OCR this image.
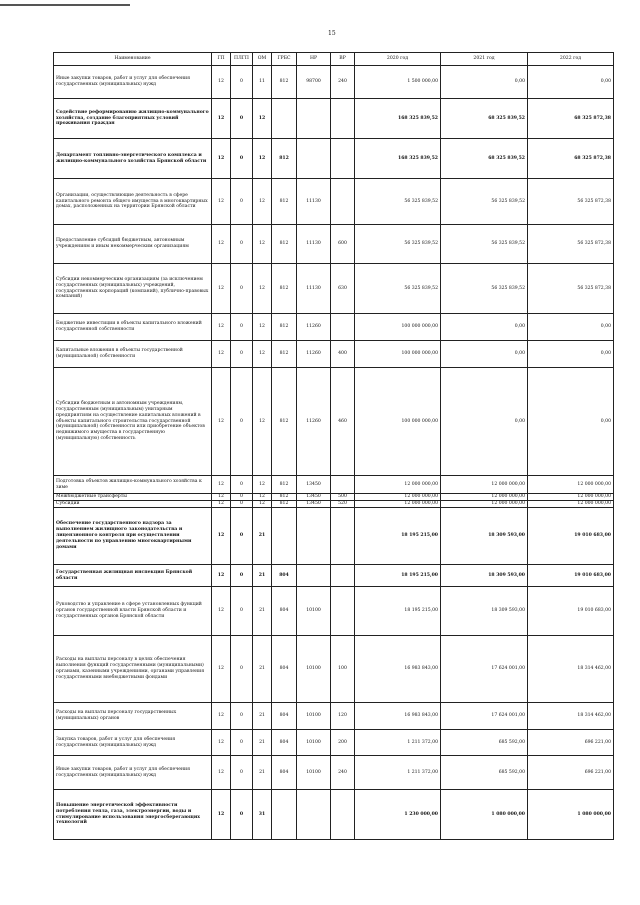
15
Наименование	ГП	ПЛГП	ОМ	ГРБС	НР	ВР	2020 год	2021 год	2022 год
Иные закупки товаров, работ и услуг для обеспечения государственных (муниципальных) нужд	12	0	11	812	98700	240	1 500 000,00	0,00	0,00
Содействие реформированию жилищно-коммунального хозяйства, создание благоприятных условий проживания граждан	12	0	12				168 325 839,52	68 325 839,52	68 325 872,38
Департамент топливно-энергетического комплекса и жилищно-коммунального хозяйства Брянской области	12	0	12	812			168 325 839,52	68 325 839,52	68 325 872,38
Организации, осуществляющие деятельность в сфере капитального ремонта общего имущества в многоквартирных домах, расположенных на территории Брянской области	12	0	12	812	11130		56 325 839,52	56 325 839,52	56 325 872,38
Предоставление субсидий бюджетным, автономным учреждениям и иным некоммерческим организациям	12	0	12	812	11130	600	56 325 839,52	56 325 839,52	56 325 872,38
Субсидии некоммерческим организациям (за исключением государственных (муниципальных) учреждений, государственных корпораций (компаний), публично-правовых компаний)	12	0	12	812	11130	630	56 325 839,52	56 325 839,52	56 325 872,38
Бюджетные инвестиции в объекты капитального вложений государственной собственности	12	0	12	812	11260		100 000 000,00	0,00	0,00
Капитальные вложения в объекты государственной (муниципальной) собственности	12	0	12	812	11260	400	100 000 000,00	0,00	0,00
Субсидии бюджетным и автономным учреждениям, государственным (муниципальным) унитарным предприятиям на осуществление капитальных вложений в объекты капитального строительства государственной (муниципальной) собственности или приобретение объектов недвижимого имущества в государственную (муниципальную) собственность	12	0	12	812	11260	460	100 000 000,00	0,00	0,00
Подготовка объектов жилищно-коммунального хозяйства к зиме	12	0	12	812	13450		12 000 000,00	12 000 000,00	12 000 000,00
Межбюджетные трансферты	12	0	12	812	13450	500	12 000 000,00	12 000 000,00	12 000 000,00
Субсидии	12	0	12	812	13450	520	12 000 000,00	12 000 000,00	12 000 000,00
Обеспечение государственного надзора за выполнением жилищного законодательства и лицензионного контроля при осуществлении деятельности по управлению многоквартирными домами	12	0	21				18 195 215,00	18 309 593,00	19 010 683,00
Государственная жилищная инспекция Брянской области	12	0	21	804			18 195 215,00	18 309 593,00	19 010 683,00
Руководство и управление в сфере установленных функций органов государственной власти Брянской области и государственных органов Брянской области	12	0	21	804	10100		18 195 215,00	18 309 593,00	19 010 683,00
Расходы на выплаты персоналу в целях обеспечения выполнения функций государственными (муниципальными) органами, казенными учреждениями, органами управления государственными внебюджетными фондами	12	0	21	804	10100	100	16 983 843,00	17 624 001,00	18 314 462,00
Расходы на выплаты персоналу государственных (муниципальных) органов	12	0	21	804	10100	120	16 983 843,00	17 624 001,00	18 314 462,00
Закупка товаров, работ и услуг для обеспечения государственных (муниципальных) нужд	12	0	21	804	10100	200	1 211 372,00	685 592,00	696 221,00
Иные закупки товаров, работ и услуг для обеспечения государственных (муниципальных) нужд	12	0	21	804	10100	240	1 211 372,00	685 592,00	696 221,00
Повышение энергетической эффективности потребления тепла, газа, электроэнергии, воды и стимулирование использования энергосберегающих технологий	12	0	31				1 230 000,00	1 080 000,00	1 080 000,00
